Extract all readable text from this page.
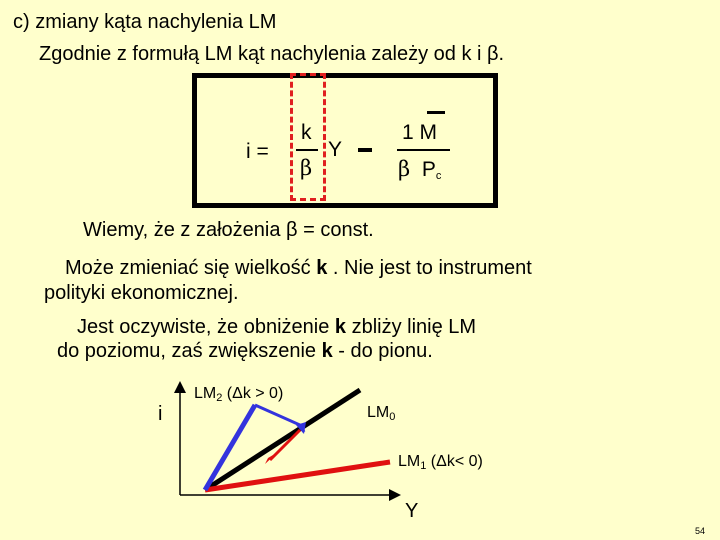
c) zmiany kąta nachylenia LM
Zgodnie z formułą LM kąt nachylenia zależy od k i β.
i =
k
β
Y
1 M
β $P_c$
Wiemy, że z założenia β = const.
Może zmieniać się wielkość k . Nie jest to instrument
polityki ekonomicznej.
Jest oczywiste, że obniżenie k zbliży linię LM
do poziomu, zaś zwiększenie k - do pionu.
i
Y
$LM_2$ (Δk > 0)
$LM_0$
$LM_1$ (Δk< 0)
54
